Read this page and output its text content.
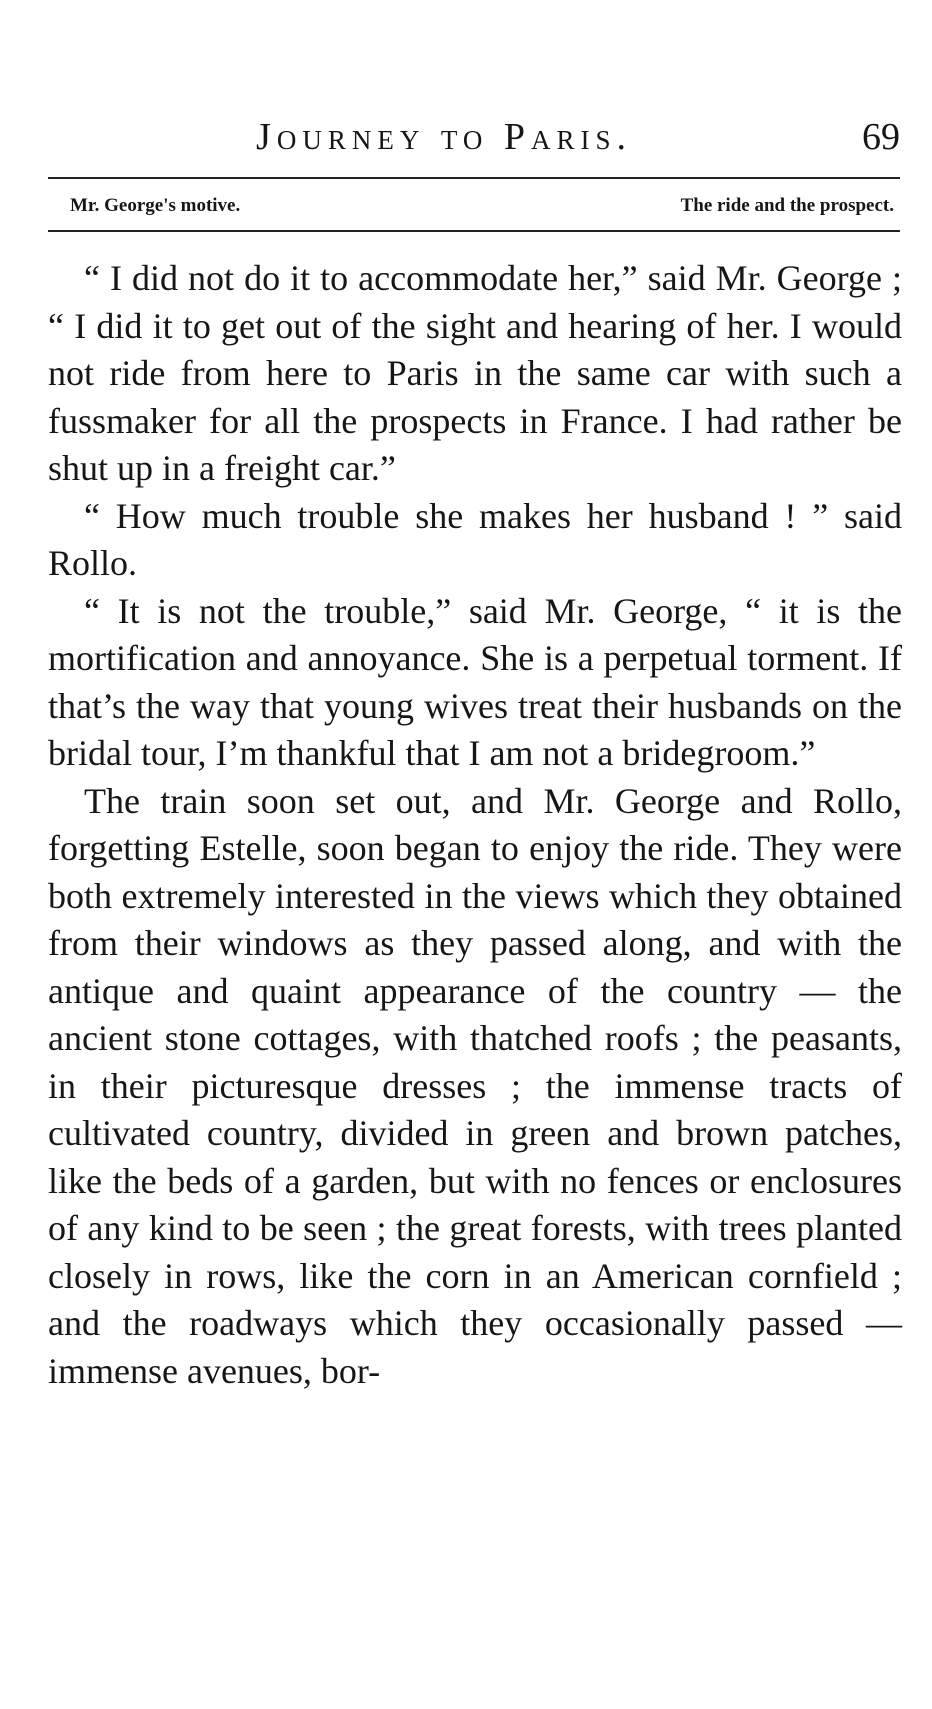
Journey to Paris.	69
Mr. George's motive.	The ride and the prospect.

“ I did not do it to accommodate her,” said Mr. George ; “ I did it to get out of the sight and hearing of her. I would not ride from here to Paris in the same car with such a fussmaker for all the prospects in France. I had rather be shut up in a freight car.”

“ How much trouble she makes her husband ! ” said Rollo.

“ It is not the trouble,” said Mr. George, “ it is the mortification and annoyance. She is a perpetual torment. If that’s the way that young wives treat their husbands on the bridal tour, I’m thankful that I am not a bridegroom.”

The train soon set out, and Mr. George and Rollo, forgetting Estelle, soon began to enjoy the ride. They were both extremely interested in the views which they obtained from their windows as they passed along, and with the antique and quaint appearance of the country — the ancient stone cottages, with thatched roofs ; the peasants, in their picturesque dresses ; the immense tracts of cultivated country, divided in green and brown patches, like the beds of a garden, but with no fences or enclosures of any kind to be seen ; the great forests, with trees planted closely in rows, like the corn in an American cornfield ; and the roadways which they occasionally passed — immense avenues, bor-
